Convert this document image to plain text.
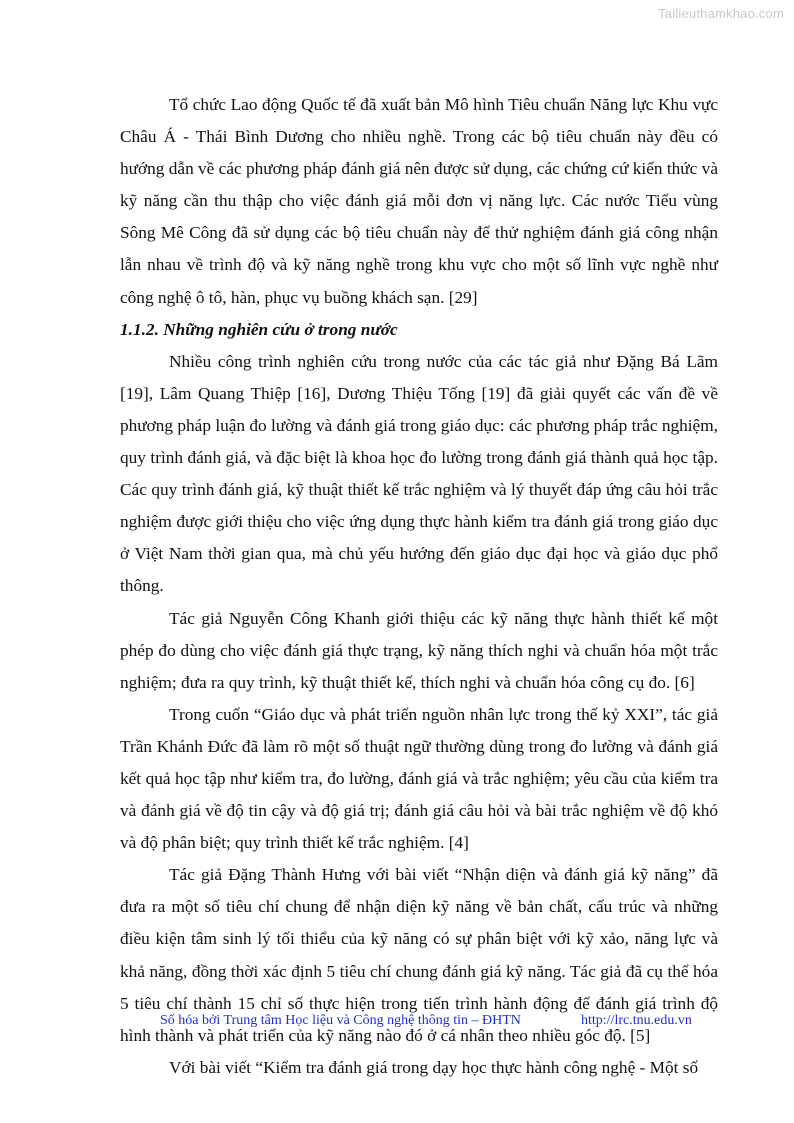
Tailieuthamkhao.com

Tổ chức Lao động Quốc tế đã xuất bản Mô hình Tiêu chuẩn Năng lực Khu vực Châu Á - Thái Bình Dương cho nhiều nghề. Trong các bộ tiêu chuẩn này đều có hướng dẫn về các phương pháp đánh giá nên được sử dụng, các chứng cứ kiến thức và kỹ năng cần thu thập cho việc đánh giá mỗi đơn vị năng lực. Các nước Tiểu vùng Sông Mê Công đã sử dụng các bộ tiêu chuẩn này để thử nghiệm đánh giá công nhận lẫn nhau về trình độ và kỹ năng nghề trong khu vực cho một số lĩnh vực nghề như công nghệ ô tô, hàn, phục vụ buồng khách sạn. [29]

1.1.2. Những nghiên cứu ở trong nước

Nhiều công trình nghiên cứu trong nước của các tác giả như Đặng Bá Lãm [19], Lâm Quang Thiệp [16], Dương Thiệu Tống [19] đã giải quyết các vấn đề về phương pháp luận đo lường và đánh giá trong giáo dục: các phương pháp trắc nghiệm, quy trình đánh giá, và đặc biệt là khoa học đo lường trong đánh giá thành quả học tập. Các quy trình đánh giá, kỹ thuật thiết kế trắc nghiệm và lý thuyết đáp ứng câu hỏi trắc nghiệm được giới thiệu cho việc ứng dụng thực hành kiểm tra đánh giá trong giáo dục ở Việt Nam thời gian qua, mà chủ yếu hướng đến giáo dục đại học và giáo dục phổ thông.

Tác giả Nguyễn Công Khanh giới thiệu các kỹ năng thực hành thiết kế một phép đo dùng cho việc đánh giá thực trạng, kỹ năng thích nghi và chuẩn hóa một trắc nghiệm; đưa ra quy trình, kỹ thuật thiết kế, thích nghi và chuẩn hóa công cụ đo. [6]

Trong cuốn “Giáo dục và phát triển nguồn nhân lực trong thế kỷ XXI”, tác giả Trần Khánh Đức đã làm rõ một số thuật ngữ thường dùng trong đo lường và đánh giá kết quả học tập như kiểm tra, đo lường, đánh giá và trắc nghiệm; yêu cầu của kiểm tra và đánh giá về độ tin cậy và độ giá trị; đánh giá câu hỏi và bài trắc nghiệm về độ khó và độ phân biệt; quy trình thiết kế trắc nghiệm. [4]

Tác giả Đặng Thành Hưng với bài viết “Nhận diện và đánh giá kỹ năng” đã đưa ra một số tiêu chí chung để nhận diện kỹ năng về bản chất, cấu trúc và những điều kiện tâm sinh lý tối thiểu của kỹ năng có sự phân biệt với kỹ xảo, năng lực và khả năng, đồng thời xác định 5 tiêu chí chung đánh giá kỹ năng. Tác giả đã cụ thể hóa 5 tiêu chí thành 15 chỉ số thực hiện trong tiến trình hành động để đánh giá trình độ hình thành và phát triển của kỹ năng nào đó ở cá nhân theo nhiều góc độ. [5]

Với bài viết “Kiểm tra đánh giá trong dạy học thực hành công nghệ - Một số

Số hóa bởi Trung tâm Học liệu và Công nghệ thông tin – ĐHTN	http://lrc.tnu.edu.vn
